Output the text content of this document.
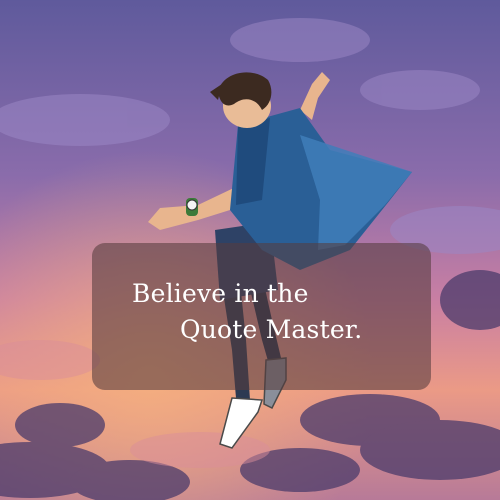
Believe in the

Quote Master.
